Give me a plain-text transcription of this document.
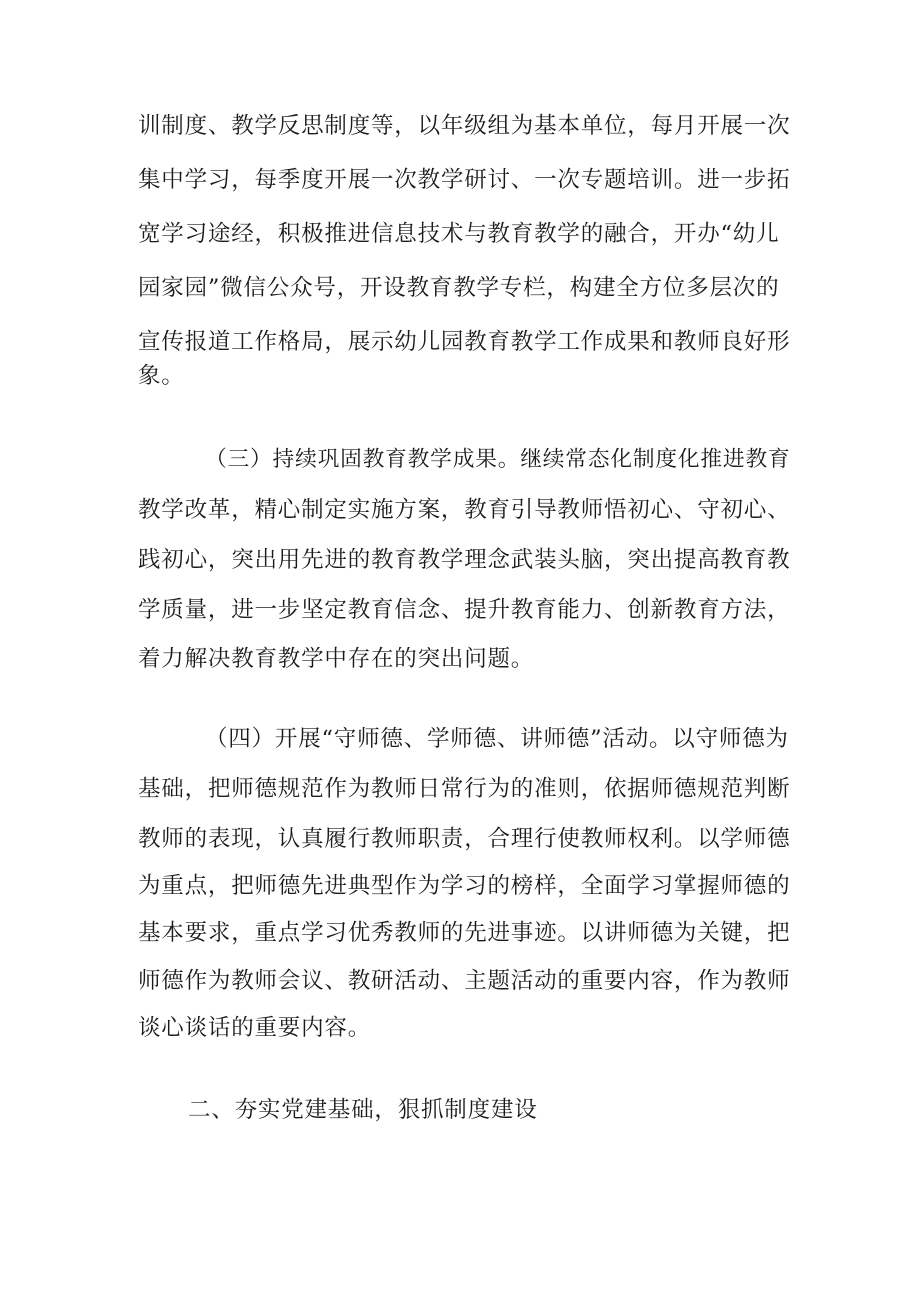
训制度、教学反思制度等，以年级组为基本单位，每月开展一次
集中学习，每季度开展一次教学研讨、一次专题培训。进一步拓
宽学习途经，积极推进信息技术与教育教学的融合，开办“幼儿
园家园”微信公众号，开设教育教学专栏，构建全方位多层次的
宣传报道工作格局，展示幼儿园教育教学工作成果和教师良好形
象。
（三）持续巩固教育教学成果。继续常态化制度化推进教育
教学改革，精心制定实施方案，教育引导教师悟初心、守初心、
践初心，突出用先进的教育教学理念武装头脑，突出提高教育教
学质量，进一步坚定教育信念、提升教育能力、创新教育方法，
着力解决教育教学中存在的突出问题。
（四）开展“守师德、学师德、讲师德”活动。以守师德为
基础，把师德规范作为教师日常行为的准则，依据师德规范判断
教师的表现，认真履行教师职责，合理行使教师权利。以学师德
为重点，把师德先进典型作为学习的榜样，全面学习掌握师德的
基本要求，重点学习优秀教师的先进事迹。以讲师德为关键，把
师德作为教师会议、教研活动、主题活动的重要内容，作为教师
谈心谈话的重要内容。
二、夯实党建基础，狠抓制度建设
